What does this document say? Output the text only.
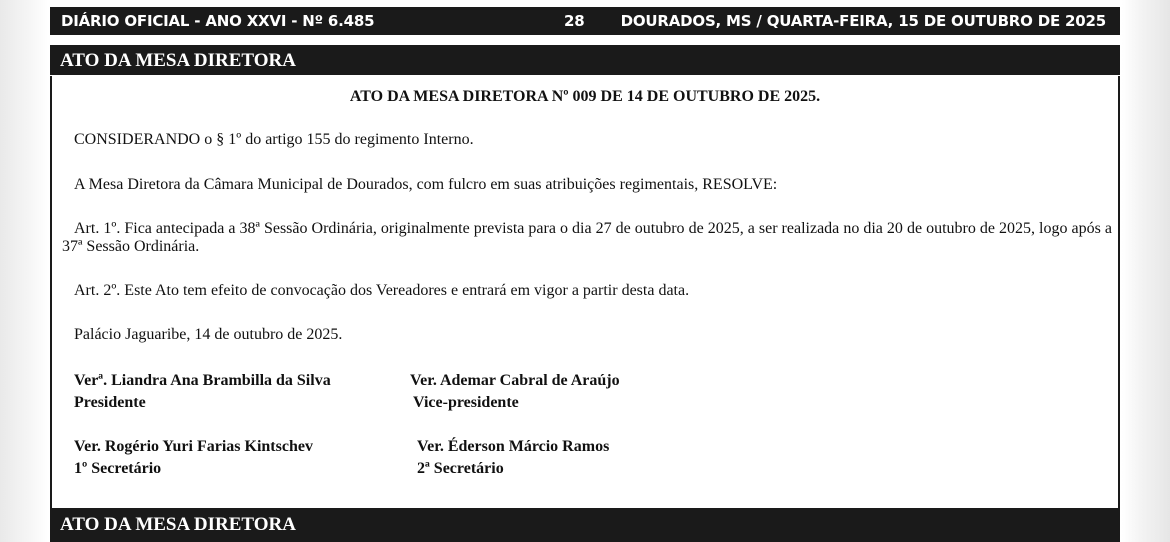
DIÁRIO OFICIAL - ANO XXVI - Nº 6.485	28 DOURADOS, MS / QUARTA-FEIRA, 15 DE OUTUBRO DE 2025
ATO DA MESA DIRETORA
ATO DA MESA DIRETORA Nº 009 DE 14 DE OUTUBRO DE 2025.
CONSIDERANDO o § 1º do artigo 155 do regimento Interno.
A Mesa Diretora da Câmara Municipal de Dourados, com fulcro em suas atribuições regimentais, RESOLVE:
Art. 1º. Fica antecipada a 38ª Sessão Ordinária, originalmente prevista para o dia 27 de outubro de 2025, a ser realizada no dia 20 de outubro de 2025, logo após a 37ª Sessão Ordinária.
Art. 2º. Este Ato tem efeito de convocação dos Vereadores e entrará em vigor a partir desta data.
Palácio Jaguaribe, 14 de outubro de 2025.
Verª. Liandra Ana Brambilla da Silva
Presidente
Ver. Ademar Cabral de Araújo
Vice-presidente
Ver. Rogério Yuri Farias Kintschev
1º Secretário
Ver. Éderson Márcio Ramos
2ª Secretário
ATO DA MESA DIRETORA
